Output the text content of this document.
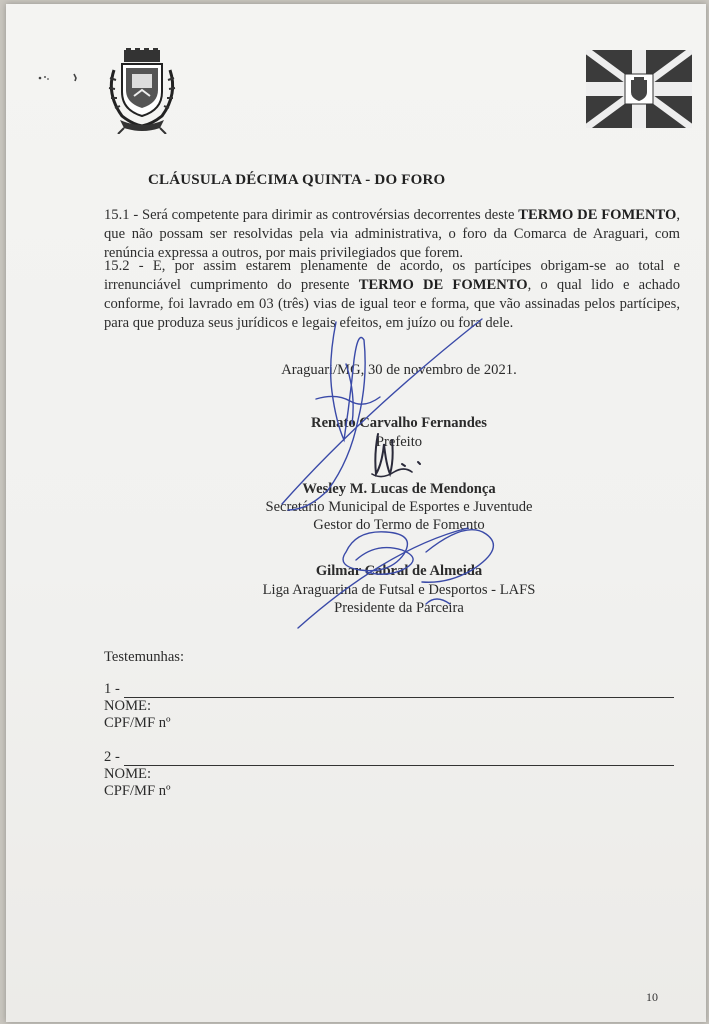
CLÁUSULA DÉCIMA QUINTA - DO FORO

15.1 - Será competente para dirimir as controvérsias decorrentes deste TERMO DE FOMENTO, que não possam ser resolvidas pela via administrativa, o foro da Comarca de Araguari, com renúncia expressa a outros, por mais privilegiados que forem.

15.2 - E, por assim estarem plenamente de acordo, os partícipes obrigam-se ao total e irrenunciável cumprimento do presente TERMO DE FOMENTO, o qual lido e achado conforme, foi lavrado em 03 (três) vias de igual teor e forma, que vão assinadas pelos partícipes, para que produza seus jurídicos e legais efeitos, em juízo ou fora dele.

Araguari/MG, 30 de novembro de 2021.
Renato Carvalho Fernandes
Prefeito
Wesley M. Lucas de Mendonça
Secretário Municipal de Esportes e Juventude
Gestor do Termo de Fomento
Gilmar Cabral de Almeida
Liga Araguarina de Futsal e Desportos - LAFS
Presidente da Parceira
Testemunhas:
1 -
NOME:
CPF/MF nº
2 -
NOME:
CPF/MF nº
10
